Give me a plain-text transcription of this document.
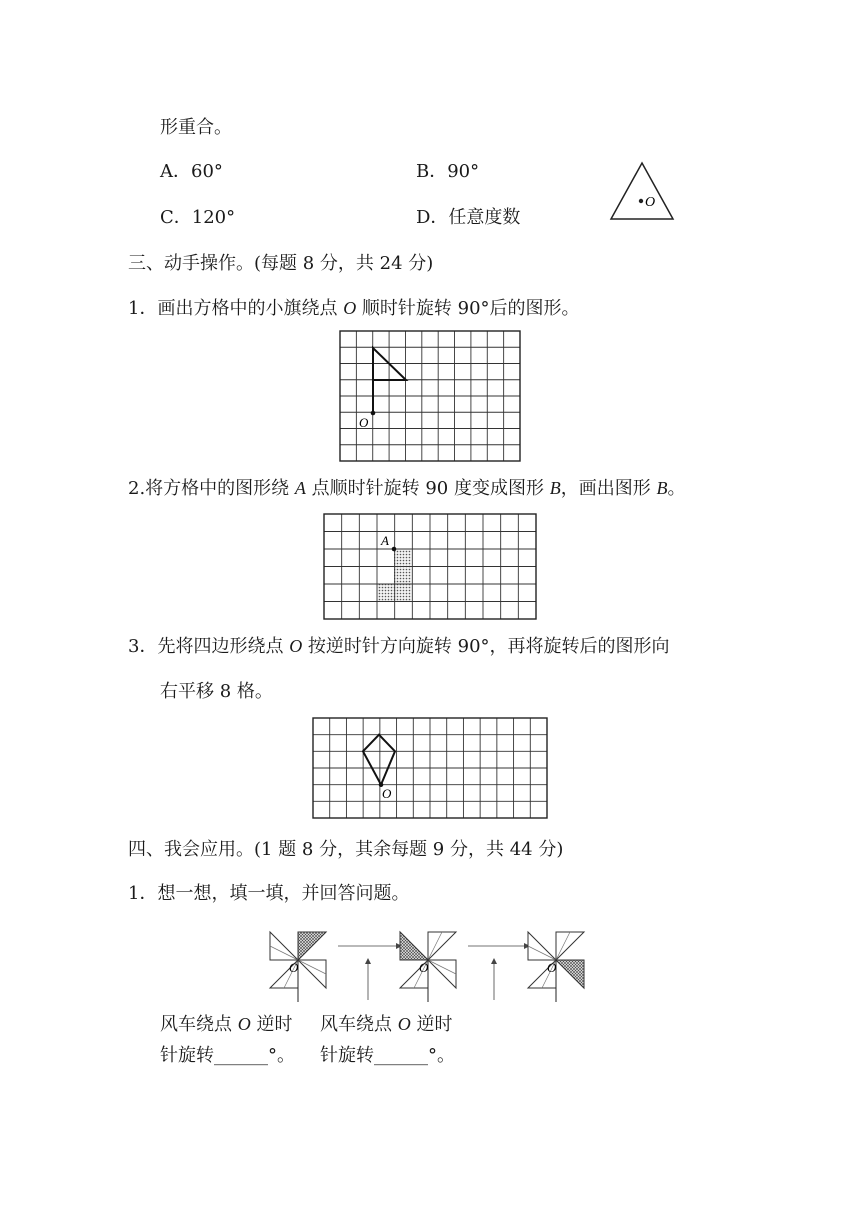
形重合。
A．60°	B．90°
C．120°	D．任意度数
O
三、动手操作。(每题 8 分，共 24 分)
1．画出方格中的小旗绕点 O 顺时针旋转 90°后的图形。
O
2.将方格中的图形绕 A 点顺时针旋转 90 度变成图形 B，画出图形 B。
A
3．先将四边形绕点 O 按逆时针方向旋转 90°，再将旋转后的图形向
右平移 8 格。
O
四、我会应用。(1 题 8 分，其余每题 9 分，共 44 分)
1．想一想，填一填，并回答问题。
O	O	O
风车绕点 O 逆时
针旋转______°。
风车绕点 O 逆时
针旋转______°。
